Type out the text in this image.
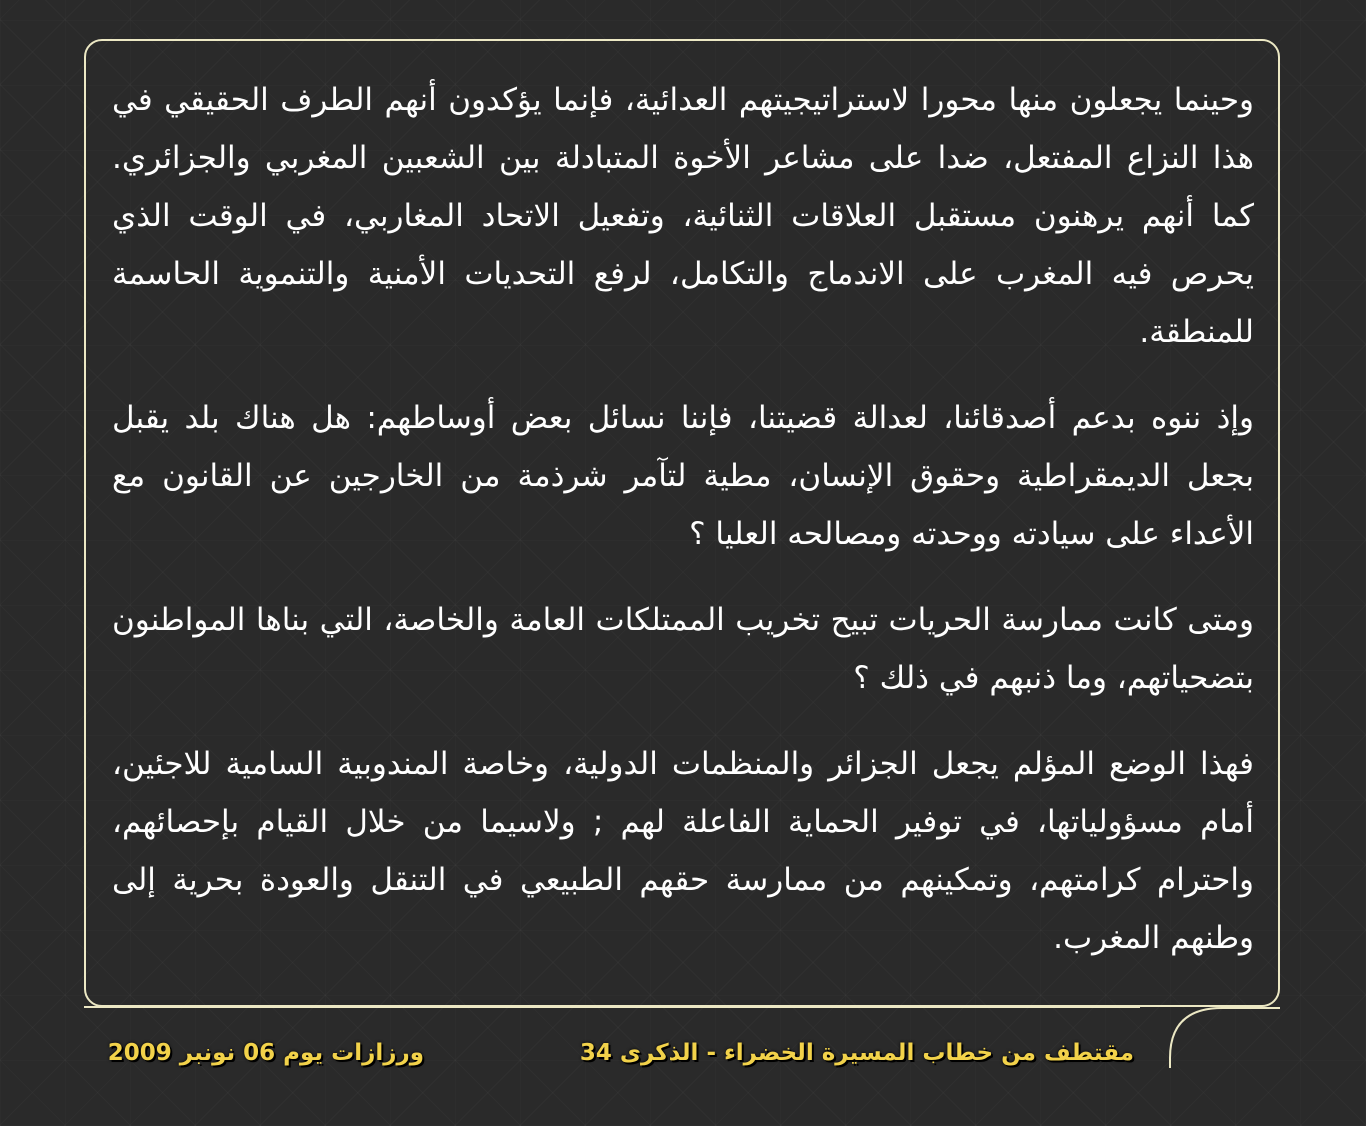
وحينما يجعلون منها محورا لاستراتيجيتهم العدائية، فإنما يؤكدون أنهم الطرف الحقيقي في هذا النزاع المفتعل، ضدا على مشاعر الأخوة المتبادلة بين الشعبين المغربي والجزائري. كما أنهم يرهنون مستقبل العلاقات الثنائية، وتفعيل الاتحاد المغاربي، في الوقت الذي يحرص فيه المغرب على الاندماج والتكامل، لرفع التحديات الأمنية والتنموية الحاسمة للمنطقة.

وإذ ننوه بدعم أصدقائنا، لعدالة قضيتنا، فإننا نسائل بعض أوساطهم: هل هناك بلد يقبل بجعل الديمقراطية وحقوق الإنسان، مطية لتآمر شرذمة من الخارجين عن القانون مع الأعداء على سيادته ووحدته ومصالحه العليا ؟

ومتى كانت ممارسة الحريات تبيح تخريب الممتلكات العامة والخاصة، التي بناها المواطنون بتضحياتهم، وما ذنبهم في ذلك ؟

فهذا الوضع المؤلم يجعل الجزائر والمنظمات الدولية، وخاصة المندوبية السامية للاجئين، أمام مسؤولياتها، في توفير الحماية الفاعلة لهم ; ولاسيما من خلال القيام بإحصائهم، واحترام كرامتهم، وتمكينهم من ممارسة حقهم الطبيعي في التنقل والعودة بحرية إلى وطنهم المغرب.

مقتطف من خطاب المسيرة الخضراء - الذكرى 34
ورزازات يوم 06 نونبر 2009
